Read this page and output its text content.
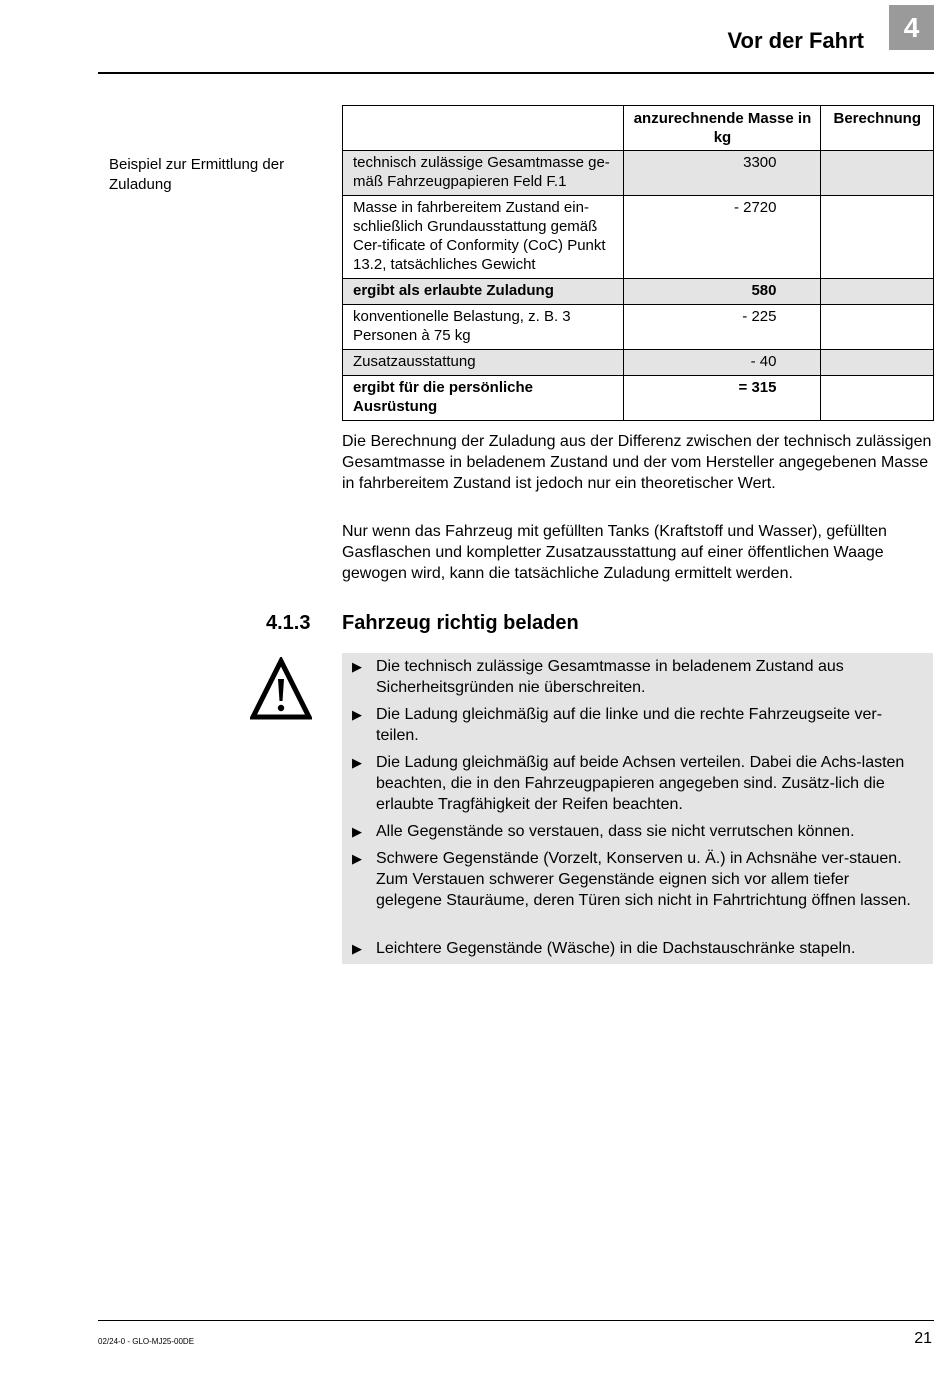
Vor der Fahrt	4
Beispiel zur Ermittlung der Zuladung
	anzurechnende Masse in kg	Berechnung
technisch zulässige Gesamtmasse ge-mäß Fahrzeugpapieren Feld F.1	3300	
Masse in fahrbereitem Zustand ein-schließlich Grundausstattung gemäß Cer-tificate of Conformity (CoC) Punkt 13.2, tatsächliches Gewicht	- 2720	
ergibt als erlaubte Zuladung	580	
konventionelle Belastung, z. B. 3 Personen à 75 kg	- 225	
Zusatzausstattung	- 40	
ergibt für die persönliche Ausrüstung	= 315	
Die Berechnung der Zuladung aus der Differenz zwischen der technisch zulässigen Gesamtmasse in beladenem Zustand und der vom Hersteller angegebenen Masse in fahrbereitem Zustand ist jedoch nur ein theoretischer Wert.
Nur wenn das Fahrzeug mit gefüllten Tanks (Kraftstoff und Wasser), gefüllten Gasflaschen und kompletter Zusatzausstattung auf einer öffentlichen Waage gewogen wird, kann die tatsächliche Zuladung ermittelt werden.
4.1.3 Fahrzeug richtig beladen
▶ Die technisch zulässige Gesamtmasse in beladenem Zustand aus Sicherheitsgründen nie überschreiten.
▶ Die Ladung gleichmäßig auf die linke und die rechte Fahrzeugseite ver-teilen.
▶ Die Ladung gleichmäßig auf beide Achsen verteilen. Dabei die Achs-lasten beachten, die in den Fahrzeugpapieren angegeben sind. Zusätz-lich die erlaubte Tragfähigkeit der Reifen beachten.
▶ Alle Gegenstände so verstauen, dass sie nicht verrutschen können.
▶ Schwere Gegenstände (Vorzelt, Konserven u. Ä.) in Achsnähe ver-stauen. Zum Verstauen schwerer Gegenstände eignen sich vor allem tiefer gelegene Stauräume, deren Türen sich nicht in Fahrtrichtung öffnen lassen.
▶ Leichtere Gegenstände (Wäsche) in die Dachstauschränke stapeln.
02/24-0 - GLO-MJ25-00DE	21
